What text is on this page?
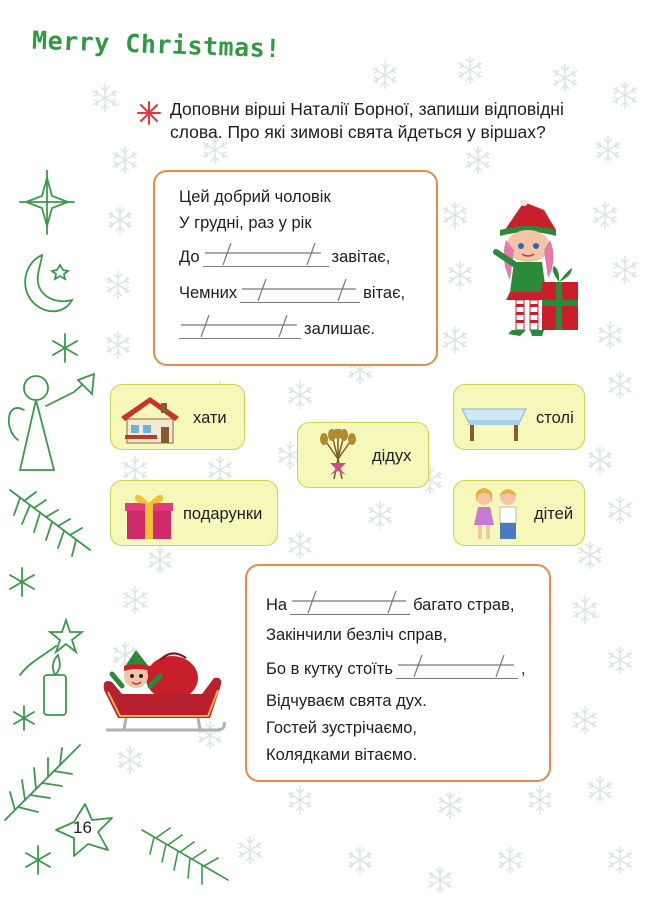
Merry Christmas!
Доповни вірші Наталії Борної, запиши відповідні слова. Про які зимові свята йдеться у віршах?
Цей добрий чоловік
У грудні, раз у рік
До	завітає,
Чемних	вітає,
залишає.
хати
дідух
столі
подарунки	дітей
На	багато страв,
Закінчили безліч справ,
Бо в кутку стоїть	,
Відчуваєм свята дух.
Гостей зустрічаємо,
Колядками вітаємо.
16
